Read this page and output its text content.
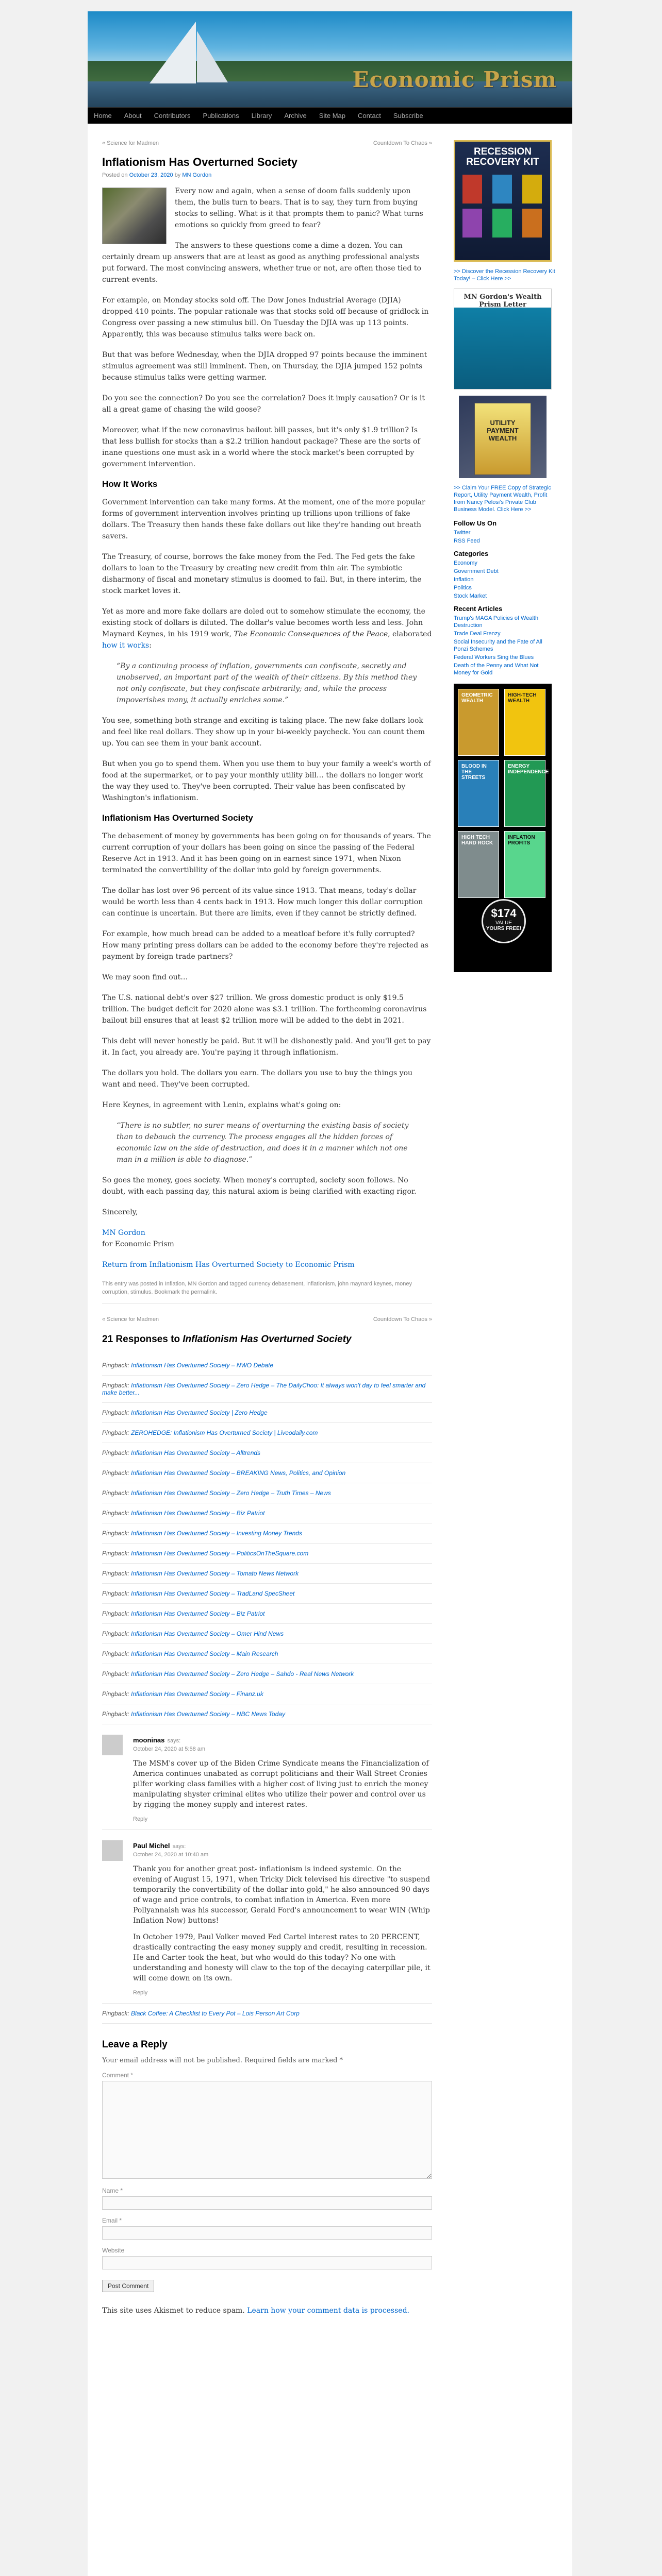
Economic Prism
Home	About	Contributors	Publications	Library	Archive	Site Map	Contact	Subscribe
« Science for Madmen	Countdown To Chaos »
Inflationism Has Overturned Society
Posted on October 23, 2020 by MN Gordon

Every now and again, when a sense of doom falls suddenly upon them, the bulls turn to bears. That is to say, they turn from buying stocks to selling. What is it that prompts them to panic? What turns emotions so quickly from greed to fear?

The answers to these questions come a dime a dozen. You can certainly dream up answers that are at least as good as anything professional analysts put forward. The most convincing answers, whether true or not, are often those tied to current events.

For example, on Monday stocks sold off. The Dow Jones Industrial Average (DJIA) dropped 410 points. The popular rationale was that stocks sold off because of gridlock in Congress over passing a new stimulus bill. On Tuesday the DJIA was up 113 points. Apparently, this was because stimulus talks were back on.

But that was before Wednesday, when the DJIA dropped 97 points because the imminent stimulus agreement was still imminent. Then, on Thursday, the DJIA jumped 152 points because stimulus talks were getting warmer.

Do you see the connection? Do you see the correlation? Does it imply causation? Or is it all a great game of chasing the wild goose?

Moreover, what if the new coronavirus bailout bill passes, but it's only $1.9 trillion? Is that less bullish for stocks than a $2.2 trillion handout package? These are the sorts of inane questions one must ask in a world where the stock market's been corrupted by government intervention.

How It Works

Government intervention can take many forms. At the moment, one of the more popular forms of government intervention involves printing up trillions upon trillions of fake dollars. The Treasury then hands these fake dollars out like they're handing out breath savers.

The Treasury, of course, borrows the fake money from the Fed. The Fed gets the fake dollars to loan to the Treasury by creating new credit from thin air. The symbiotic disharmony of fiscal and monetary stimulus is doomed to fail. But, in there interim, the stock market loves it.

Yet as more and more fake dollars are doled out to somehow stimulate the economy, the existing stock of dollars is diluted. The dollar's value becomes worth less and less. John Maynard Keynes, in his 1919 work, The Economic Consequences of the Peace, elaborated how it works:

“By a continuing process of inflation, governments can confiscate, secretly and unobserved, an important part of the wealth of their citizens. By this method they not only confiscate, but they confiscate arbitrarily; and, while the process impoverishes many, it actually enriches some.”

You see, something both strange and exciting is taking place. The new fake dollars look and feel like real dollars. They show up in your bi-weekly paycheck. You can count them up. You can see them in your bank account.

But when you go to spend them. When you use them to buy your family a week's worth of food at the supermarket, or to pay your monthly utility bill… the dollars no longer work the way they used to. They've been corrupted. Their value has been confiscated by Washington's inflationism.

Inflationism Has Overturned Society

The debasement of money by governments has been going on for thousands of years. The current corruption of your dollars has been going on since the passing of the Federal Reserve Act in 1913. And it has been going on in earnest since 1971, when Nixon terminated the convertibility of the dollar into gold by foreign governments.

The dollar has lost over 96 percent of its value since 1913. That means, today's dollar would be worth less than 4 cents back in 1913. How much longer this dollar corruption can continue is uncertain. But there are limits, even if they cannot be strictly defined.

For example, how much bread can be added to a meatloaf before it's fully corrupted? How many printing press dollars can be added to the economy before they're rejected as payment by foreign trade partners?

We may soon find out…

The U.S. national debt's over $27 trillion. We gross domestic product is only $19.5 trillion. The budget deficit for 2020 alone was $3.1 trillion. The forthcoming coronavirus bailout bill ensures that at least $2 trillion more will be added to the debt in 2021.

This debt will never honestly be paid. But it will be dishonestly paid. And you'll get to pay it. In fact, you already are. You're paying it through inflationism.

The dollars you hold. The dollars you earn. The dollars you use to buy the things you want and need. They've been corrupted.

Here Keynes, in agreement with Lenin, explains what's going on:

“There is no subtler, no surer means of overturning the existing basis of society than to debauch the currency. The process engages all the hidden forces of economic law on the side of destruction, and does it in a manner which not one man in a million is able to diagnose.”

So goes the money, goes society. When money's corrupted, society soon follows. No doubt, with each passing day, this natural axiom is being clarified with exacting rigor.

Sincerely,

MN Gordon
for Economic Prism

Return from Inflationism Has Overturned Society to Economic Prism

This entry was posted in Inflation, MN Gordon and tagged currency debasement, inflationism, john maynard keynes, money corruption, stimulus. Bookmark the permalink.
« Science for Madmen	Countdown To Chaos »
21 Responses to Inflationism Has Overturned Society
Pingback: Inflationism Has Overturned Society – NWO Debate
Pingback: Inflationism Has Overturned Society – Zero Hedge – The DailyChoo: It always won't day to feel smarter and make better...
Pingback: Inflationism Has Overturned Society | Zero Hedge
Pingback: ZEROHEDGE: Inflationism Has Overturned Society | Liveodaily.com
Pingback: Inflationism Has Overturned Society – Alltrends
Pingback: Inflationism Has Overturned Society – BREAKING News, Politics, and Opinion
Pingback: Inflationism Has Overturned Society – Zero Hedge – Truth Times – News
Pingback: Inflationism Has Overturned Society – Biz Patriot
Pingback: Inflationism Has Overturned Society – Investing Money Trends
Pingback: Inflationism Has Overturned Society – PoliticsOnTheSquare.com
Pingback: Inflationism Has Overturned Society – Tomato News Network
Pingback: Inflationism Has Overturned Society – TradLand SpecSheet
Pingback: Inflationism Has Overturned Society – Biz Patriot
Pingback: Inflationism Has Overturned Society – Omer Hind News
Pingback: Inflationism Has Overturned Society – Main Research
Pingback: Inflationism Has Overturned Society – Zero Hedge – Sahdo - Real News Network
Pingback: Inflationism Has Overturned Society – Finanz.uk
Pingback: Inflationism Has Overturned Society – NBC News Today
mooninas says:
October 24, 2020 at 5:58 am

The MSM's cover up of the Biden Crime Syndicate means the Financialization of America continues unabated as corrupt politicians and their Wall Street Cronies pilfer working class families with a higher cost of living just to enrich the money manipulating shyster criminal elites who utilize their power and control over us by rigging the money supply and interest rates.

Reply
Paul Michel says:
October 24, 2020 at 10:40 am

Thank you for another great post- inflationism is indeed systemic. On the evening of August 15, 1971, when Tricky Dick televised his directive "to suspend temporarily the convertibility of the dollar into gold," he also announced 90 days of wage and price controls, to combat inflation in America. Even more Pollyannaish was his successor, Gerald Ford's announcement to wear WIN (Whip Inflation Now) buttons!

In October 1979, Paul Volker moved Fed Cartel interest rates to 20 PERCENT, drastically contracting the easy money supply and credit, resulting in recession. He and Carter took the heat, but who would do this today? No one with understanding and honesty will claw to the top of the decaying caterpillar pile, it will come down on its own.

Reply
Pingback: Black Coffee: A Checklist to Every Pot – Lois Person Art Corp
Leave a Reply

Your email address will not be published. Required fields are marked *

Comment *
Name *
Email *
Website
Post Comment

This site uses Akismet to reduce spam. Learn how your comment data is processed.

RECESSION RECOVERY KIT
>> Discover the Recession Recovery Kit Today! – Click Here >>
MN Gordon's Wealth Prism Letter
UTILITY PAYMENT WEALTH
>> Claim Your FREE Copy of Strategic Report, Utility Payment Wealth, Profit from Nancy Pelosi's Private Club Business Model. Click Here >>
Follow Us On
Twitter
RSS Feed
Categories
Economy
Government Debt
Inflation
Politics
Stock Market
Recent Articles
Trump's MAGA Policies of Wealth Destruction
Trade Deal Frenzy
Social Insecurity and the Fate of All Ponzi Schemes
Federal Workers Sing the Blues
Death of the Penny and What Not Money for Gold
GEOMETRIC WEALTH
HIGH-TECH WEALTH
BLOOD IN THE STREETS
ENERGY INDEPENDENCE
HIGH TECH HARD ROCK
INFLATION PROFITS
$174
VALUE
YOURS FREE!
